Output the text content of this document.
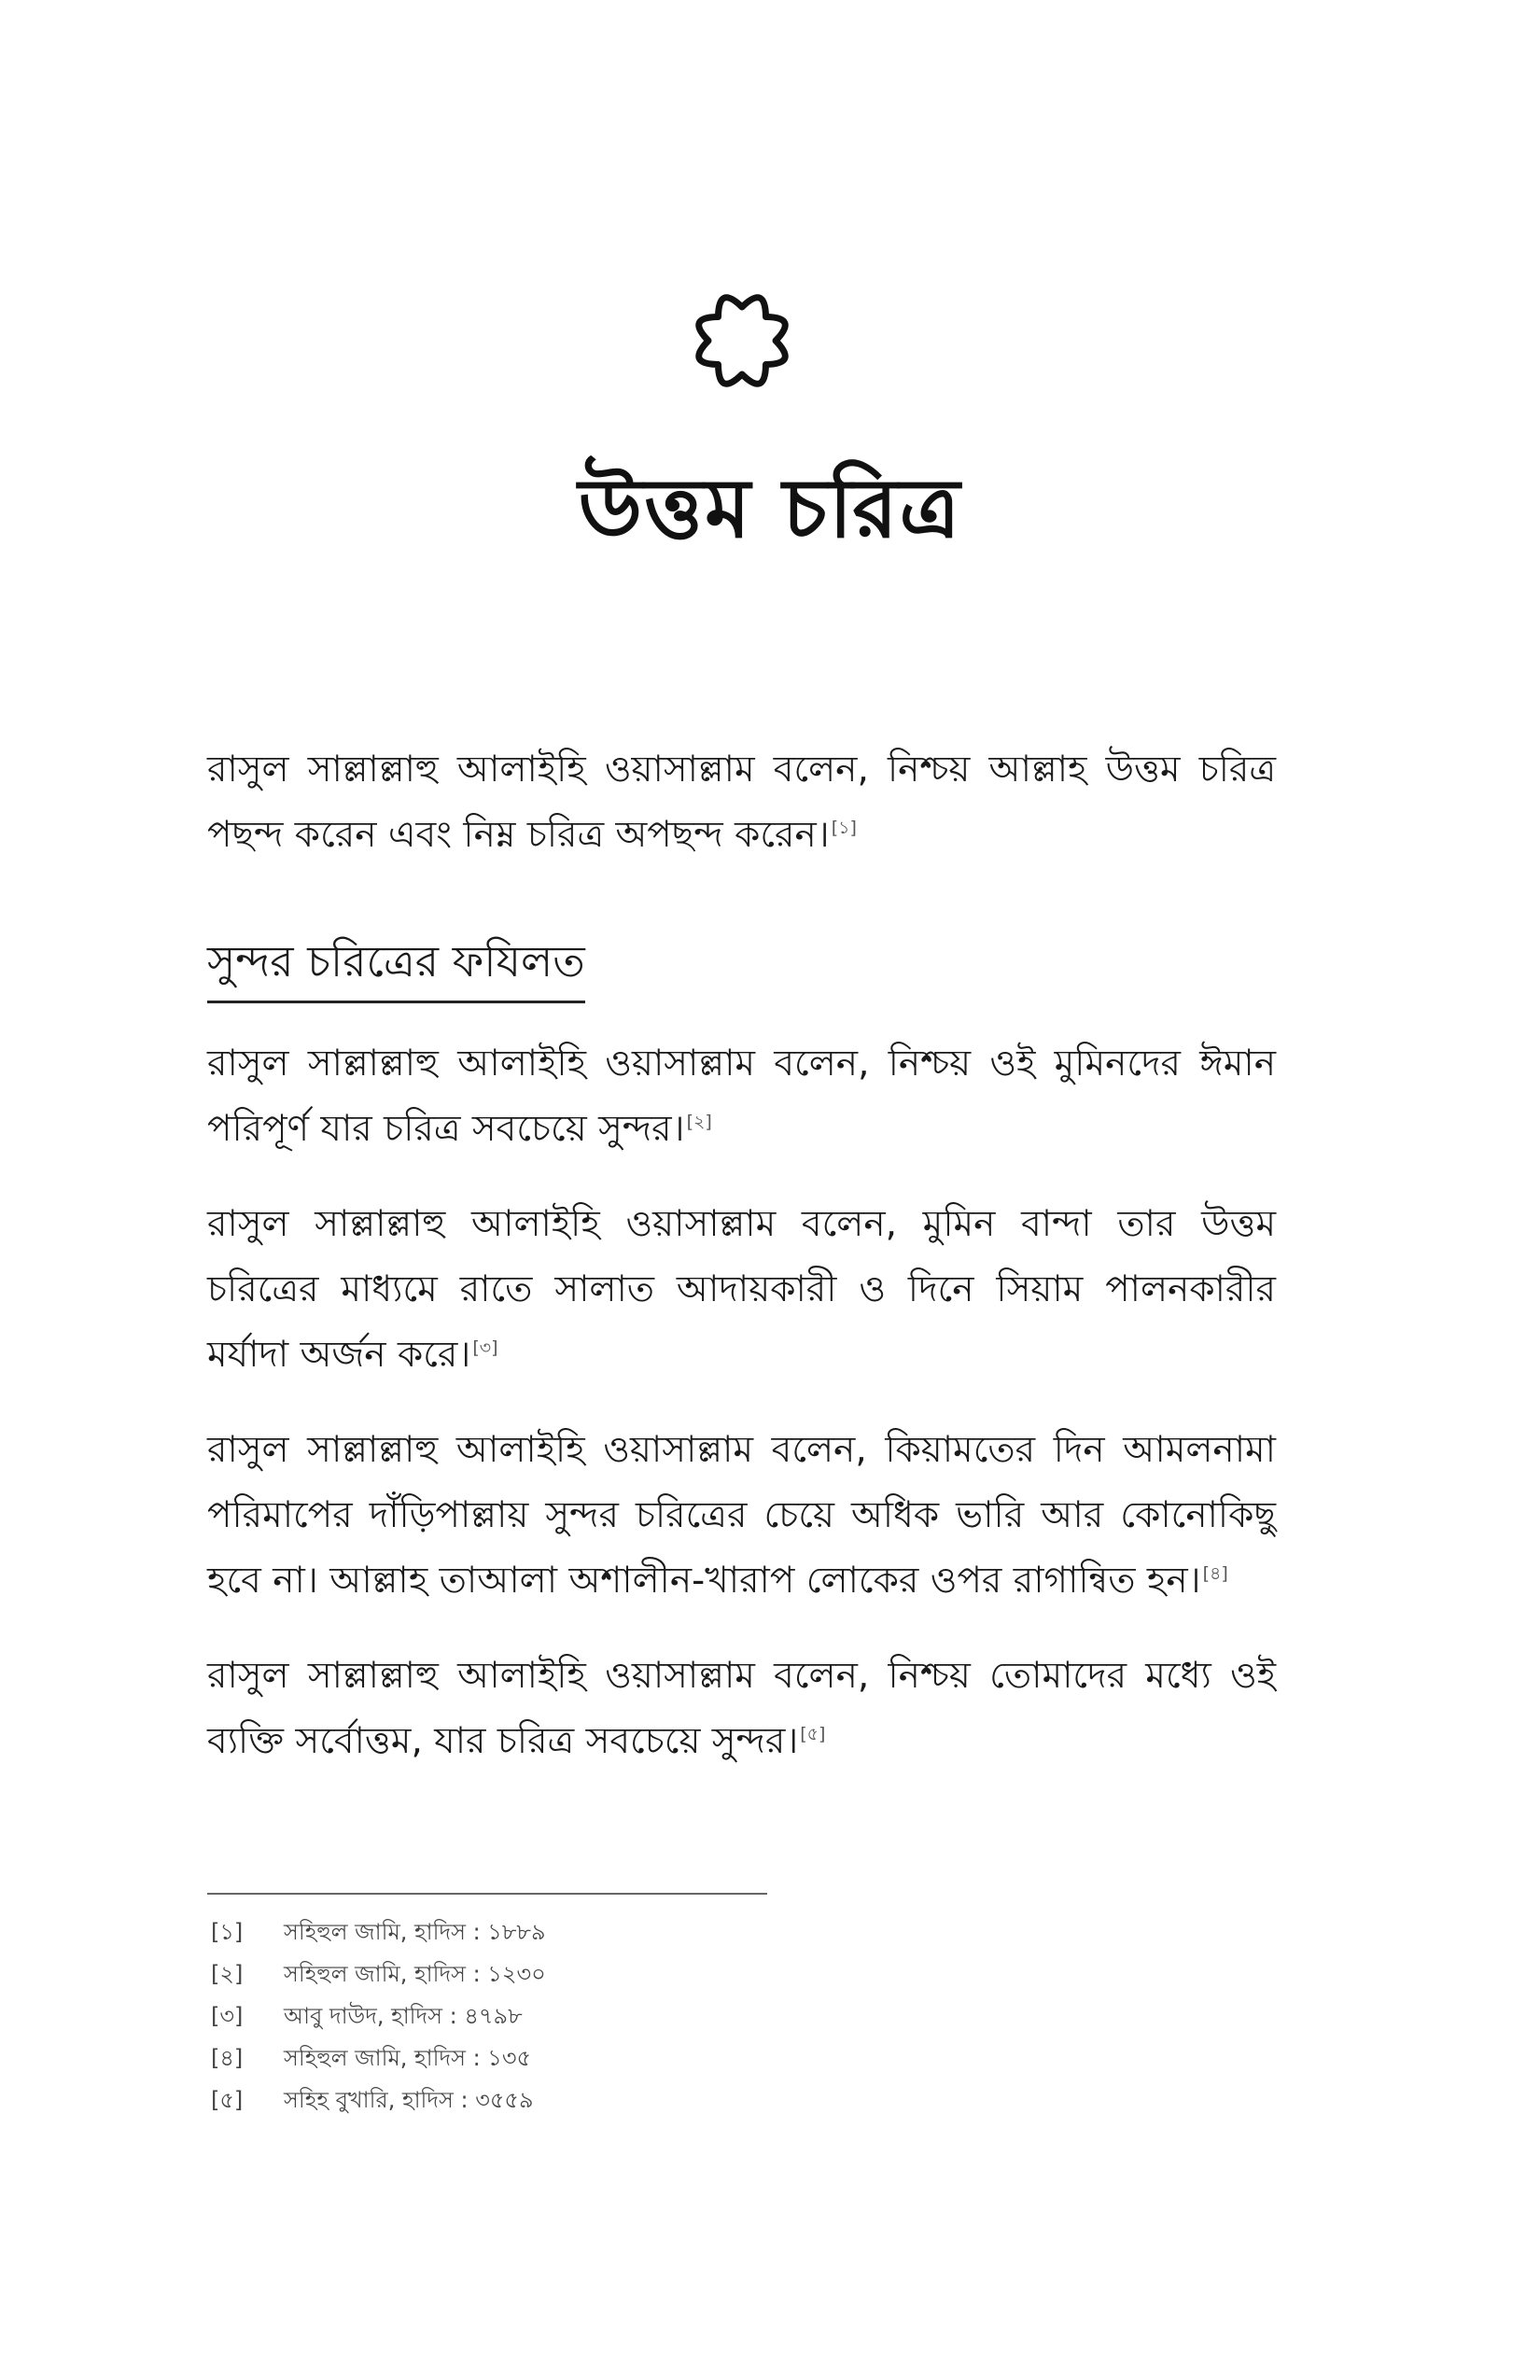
উত্তম চরিত্র

রাসুল সাল্লাল্লাহু আলাইহি ওয়াসাল্লাম বলেন, নিশ্চয় আল্লাহ উত্তম চরিত্র পছন্দ করেন এবং নিম্ন চরিত্র অপছন্দ করেন। [১]

সুন্দর চরিত্রের ফযিলত

রাসুল সাল্লাল্লাহু আলাইহি ওয়াসাল্লাম বলেন, নিশ্চয় ওই মুমিনদের ঈমান পরিপূর্ণ যার চরিত্র সবচেয়ে সুন্দর। [২]

রাসুল সাল্লাল্লাহু আলাইহি ওয়াসাল্লাম বলেন, মুমিন বান্দা তার উত্তম চরিত্রের মাধ্যমে রাতে সালাত আদায়কারী ও দিনে সিয়াম পালনকারীর মর্যাদা অর্জন করে। [৩]

রাসুল সাল্লাল্লাহু আলাইহি ওয়াসাল্লাম বলেন, কিয়ামতের দিন আমলনামা পরিমাপের দাঁড়িপাল্লায় সুন্দর চরিত্রের চেয়ে অধিক ভারি আর কোনোকিছু হবে না। আল্লাহ তাআলা অশালীন-খারাপ লোকের ওপর রাগান্বিত হন। [৪]

রাসুল সাল্লাল্লাহু আলাইহি ওয়াসাল্লাম বলেন, নিশ্চয় তোমাদের মধ্যে ওই ব্যক্তি সর্বোত্তম, যার চরিত্র সবচেয়ে সুন্দর। [৫]

[১]	সহিহুল জামি, হাদিস : ১৮৮৯
[২]	সহিহুল জামি, হাদিস : ১২৩০
[৩]	আবু দাউদ, হাদিস : ৪৭৯৮
[৪]	সহিহুল জামি, হাদিস : ১৩৫
[৫]	সহিহ বুখারি, হাদিস : ৩৫৫৯
